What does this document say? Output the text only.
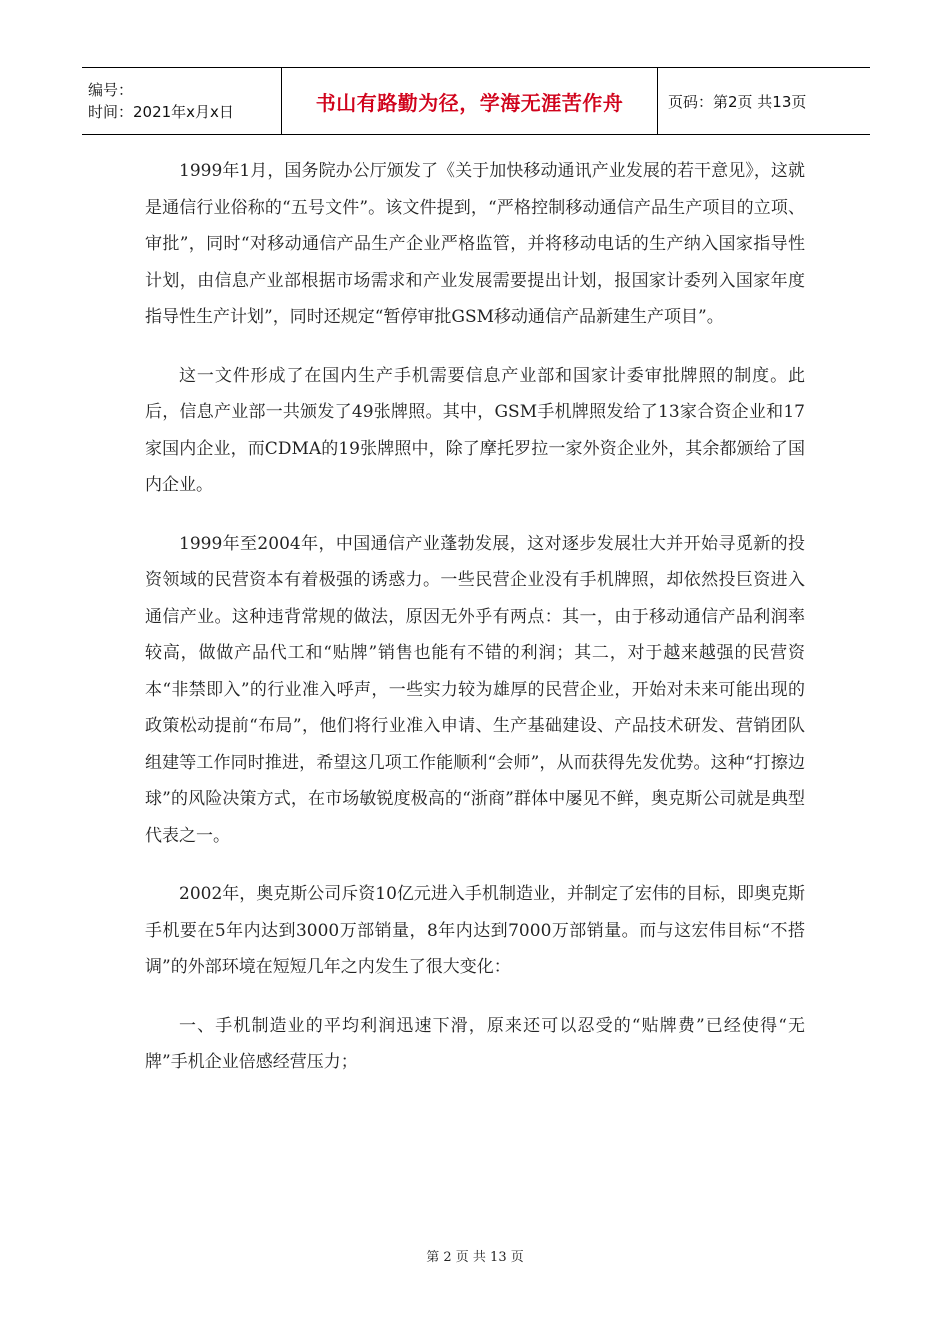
编号：
时间：2021年x月x日	书山有路勤为径，学海无涯苦作舟	页码：第2页 共13页

1999年1月，国务院办公厅颁发了《关于加快移动通讯产业发展的若干意见》，这就是通信行业俗称的“五号文件”。该文件提到，“严格控制移动通信产品生产项目的立项、审批”，同时“对移动通信产品生产企业严格监管，并将移动电话的生产纳入国家指导性计划，由信息产业部根据市场需求和产业发展需要提出计划，报国家计委列入国家年度指导性生产计划”，同时还规定“暂停审批GSM移动通信产品新建生产项目”。

这一文件形成了在国内生产手机需要信息产业部和国家计委审批牌照的制度。此后，信息产业部一共颁发了49张牌照。其中，GSM手机牌照发给了13家合资企业和17家国内企业，而CDMA的19张牌照中，除了摩托罗拉一家外资企业外，其余都颁给了国内企业。

1999年至2004年，中国通信产业蓬勃发展，这对逐步发展壮大并开始寻觅新的投资领域的民营资本有着极强的诱惑力。一些民营企业没有手机牌照，却依然投巨资进入通信产业。这种违背常规的做法，原因无外乎有两点：其一，由于移动通信产品利润率较高，做做产品代工和“贴牌”销售也能有不错的利润；其二，对于越来越强的民营资本“非禁即入”的行业准入呼声，一些实力较为雄厚的民营企业，开始对未来可能出现的政策松动提前“布局”，他们将行业准入申请、生产基础建设、产品技术研发、营销团队组建等工作同时推进，希望这几项工作能顺利“会师”，从而获得先发优势。这种“打擦边球”的风险决策方式，在市场敏锐度极高的“浙商”群体中屡见不鲜，奥克斯公司就是典型代表之一。

2002年，奥克斯公司斥资10亿元进入手机制造业，并制定了宏伟的目标，即奥克斯手机要在5年内达到3000万部销量，8年内达到7000万部销量。而与这宏伟目标“不搭调”的外部环境在短短几年之内发生了很大变化：

一、手机制造业的平均利润迅速下滑，原来还可以忍受的“贴牌费”已经使得“无牌”手机企业倍感经营压力；

第 2 页 共 13 页
